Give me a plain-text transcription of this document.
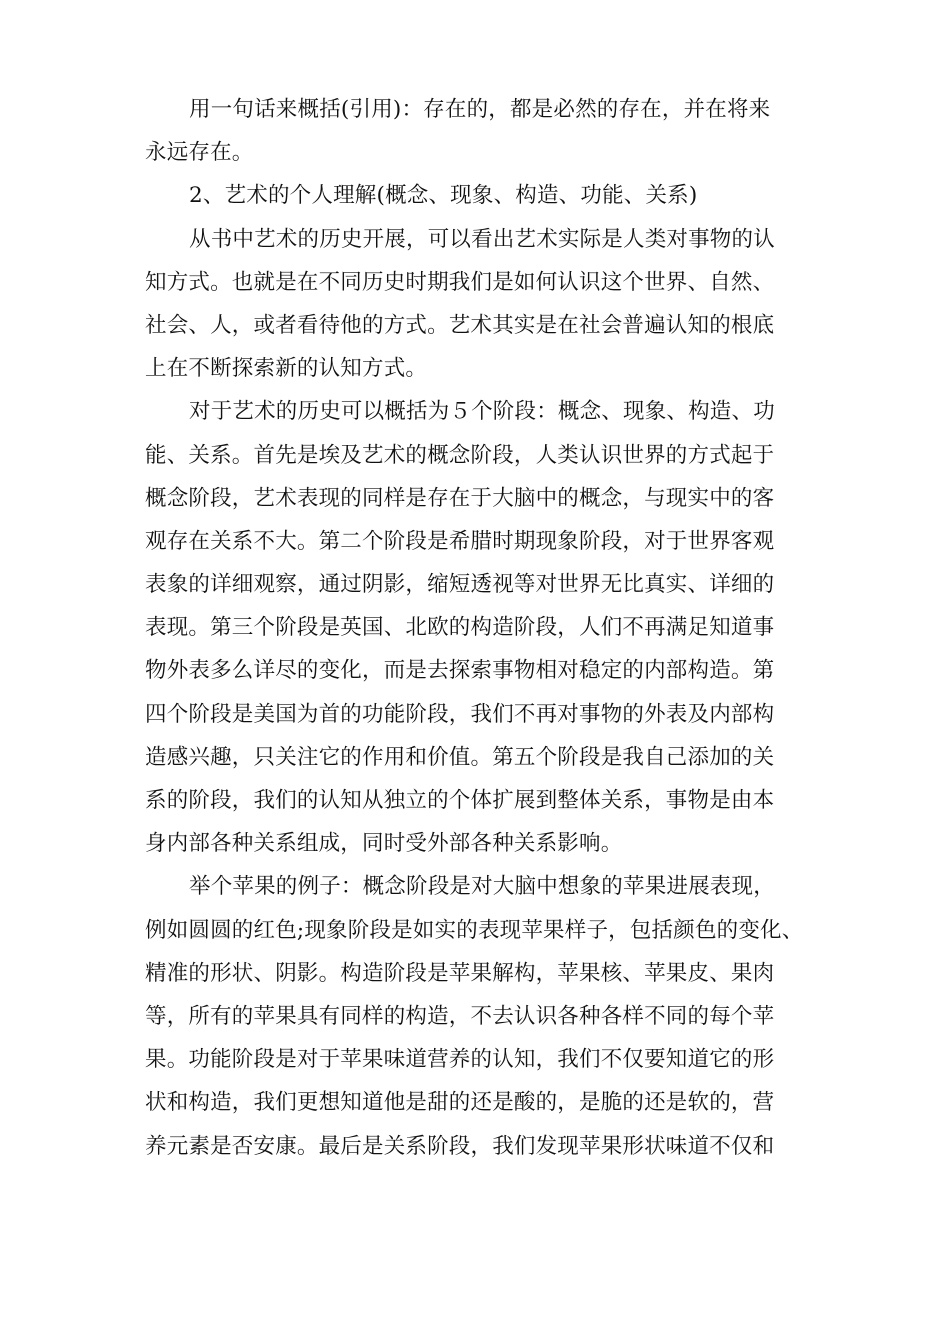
用一句话来概括(引用)：存在的，都是必然的存在，并在将来
永远存在。
2、艺术的个人理解(概念、现象、构造、功能、关系)
从书中艺术的历史开展，可以看出艺术实际是人类对事物的认
知方式。也就是在不同历史时期我们是如何认识这个世界、自然、
社会、人，或者看待他的方式。艺术其实是在社会普遍认知的根底
上在不断探索新的认知方式。
对于艺术的历史可以概括为５个阶段：概念、现象、构造、功
能、关系。首先是埃及艺术的概念阶段，人类认识世界的方式起于
概念阶段，艺术表现的同样是存在于大脑中的概念，与现实中的客
观存在关系不大。第二个阶段是希腊时期现象阶段，对于世界客观
表象的详细观察，通过阴影，缩短透视等对世界无比真实、详细的
表现。第三个阶段是英国、北欧的构造阶段，人们不再满足知道事
物外表多么详尽的变化，而是去探索事物相对稳定的内部构造。第
四个阶段是美国为首的功能阶段，我们不再对事物的外表及内部构
造感兴趣，只关注它的作用和价值。第五个阶段是我自己添加的关
系的阶段，我们的认知从独立的个体扩展到整体关系，事物是由本
身内部各种关系组成，同时受外部各种关系影响。
举个苹果的例子：概念阶段是对大脑中想象的苹果进展表现，
例如圆圆的红色;现象阶段是如实的表现苹果样子，包括颜色的变化、
精准的形状、阴影。构造阶段是苹果解构，苹果核、苹果皮、果肉
等，所有的苹果具有同样的构造，不去认识各种各样不同的每个苹
果。功能阶段是对于苹果味道营养的认知，我们不仅要知道它的形
状和构造，我们更想知道他是甜的还是酸的，是脆的还是软的，营
养元素是否安康。最后是关系阶段，我们发现苹果形状味道不仅和
